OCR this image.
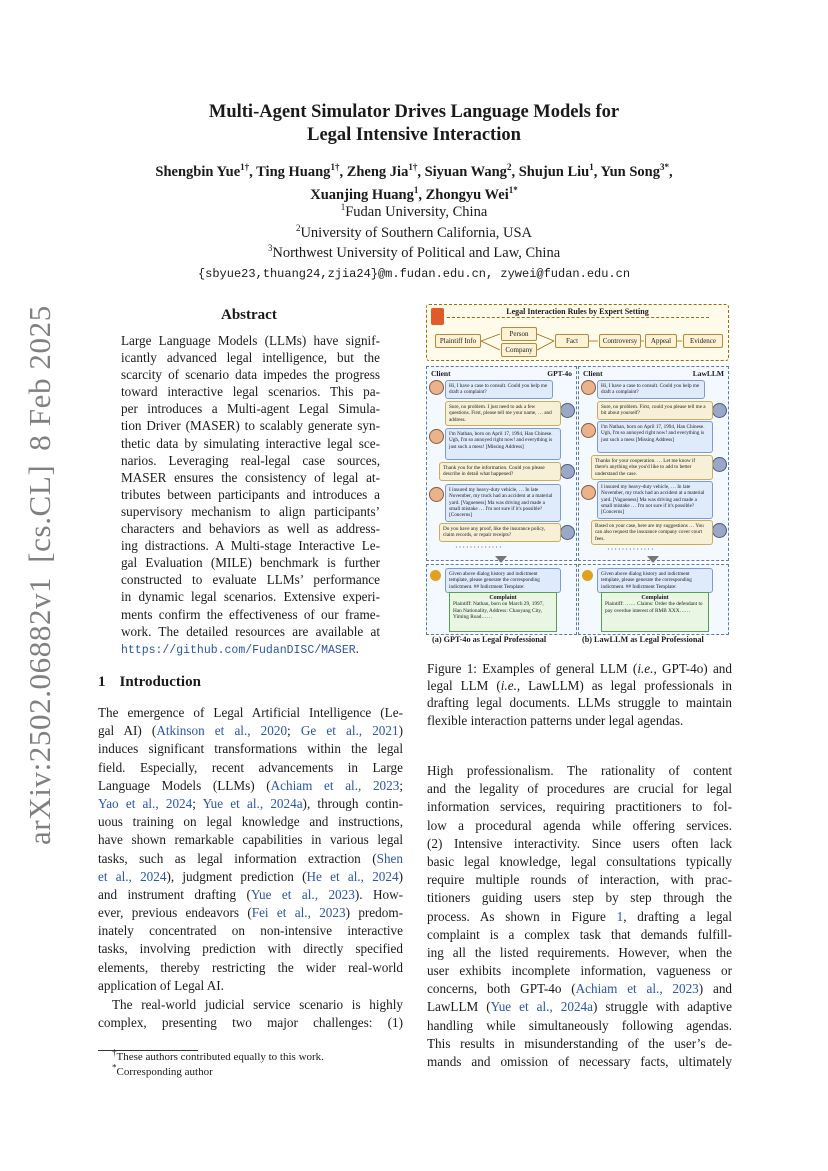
arXiv:2502.06882v1[cs.CL]8 Feb 2025
Multi-Agent Simulator Drives Language Models for
Legal Intensive Interaction
Shengbin Yue$^{1\dagger}$, Ting Huang$^{1\dagger}$, Zheng Jia$^{1\dagger}$, Siyuan Wang$^2$, Shujun Liu$^1$, Yun Song$^{3*}$,
Xuanjing Huang$^1$, Zhongyu Wei$^{1*}$
$^1$Fudan University, China
$^2$University of Southern California, USA
$^3$Northwest University of Political and Law, China
{sbyue23,thuang24,zjia24}@m.fudan.edu.cn, zywei@fudan.edu.cn
Abstract
Large Language Models (LLMs) have signif-
icantly advanced legal intelligence, but the
scarcity of scenario data impedes the progress
toward interactive legal scenarios. This pa-
per introduces a Multi-agent Legal Simula-
tion Driver (MASER) to scalably generate syn-
thetic data by simulating interactive legal sce-
narios. Leveraging real-legal case sources,
MASER ensures the consistency of legal at-
tributes between participants and introduces a
supervisory mechanism to align participants’
characters and behaviors as well as address-
ing distractions. A Multi-stage Interactive Le-
gal Evaluation (MILE) benchmark is further
constructed to evaluate LLMs’ performance
in dynamic legal scenarios. Extensive experi-
ments confirm the effectiveness of our frame-
work. The detailed resources are available at
https://github.com/FudanDISC/MASER.
1 Introduction
The emergence of Legal Artificial Intelligence (Le-
gal AI) (Atkinson et al., 2020; Ge et al., 2021)
induces significant transformations within the legal
field. Especially, recent advancements in Large
Language Models (LLMs) (Achiam et al., 2023;
Yao et al., 2024; Yue et al., 2024a), through contin-
uous training on legal knowledge and instructions,
have shown remarkable capabilities in various legal
tasks, such as legal information extraction (Shen
et al., 2024), judgment prediction (He et al., 2024)
and instrument drafting (Yue et al., 2023). How-
ever, previous endeavors (Fei et al., 2023) predom-
inately concentrated on non-intensive interactive
tasks, involving prediction with directly specified
elements, thereby restricting the wider real-world
application of Legal AI.
The real-world judicial service scenario is highly
complex, presenting two major challenges: (1)
†These authors contributed equally to this work.
*Corresponding author
Legal Interaction Rules by Expert Setting
Plaintiff Info
Person
Company
Fact	Controversy	Appeal	Evidence
Client	GPT-4o
Hi, I have a case to consult. Could you help me draft a complaint?
Sure, no problem. I just need to ask a few questions. First, please tell me your name, … and address.
I'm Nathan, born on April 17, 1994, Han Chinese. Ugh, I'm so annoyed right now! and everything is just such a mess! [Missing Address]
Thank you for the information. Could you please describe in detail what happened?
I insured my heavy-duty vehicle, … In late November, my truck had an accident at a material yard. [Vagueness] Ma was driving and made a small mistake … I'm not sure if it's possible? [Concerns]
Do you have any proof, like the insurance policy, claim records, or repair receipts?
·············
Client	LawLLM
Hi, I have a case to consult. Could you help me draft a complaint?
Sure, no problem. First, could you please tell me a bit about yourself?
I'm Nathan, born on April 17, 1994, Han Chinese. Ugh, I'm so annoyed right now! and everything is just such a mess [Missing Address]
Thanks for your cooperation. … Let me know if there's anything else you'd like to add to better understand the case.
I insured my heavy-duty vehicle, … In late November, my truck had an accident at a material yard. [Vagueness] Ma was driving and made a small mistake … I'm not sure if it's possible? [Concerns]
Based on your case, here are my suggestions … You can also request the insurance company cover court fees.
·············
Given above dialog history and indictment template, please generate the corresponding indictment. ## Indictment Template:
Complaint
Plaintiff: Nathan, born on March 29, 1997, Han Nationality, Address: Chaoyang City, Yiming Road……
Given above dialog history and indictment template, please generate the corresponding indictment. ## Indictment Template:
Complaint
Plaintiff: …… Claims: Order the defendant to pay overdue interest of RMB XXX……
(a) GPT-4o as Legal Professional	(b) LawLLM as Legal Professional
Figure 1: Examples of general LLM (i.e., GPT-4o) and
legal LLM (i.e., LawLLM) as legal professionals in
drafting legal documents. LLMs struggle to maintain
flexible interaction patterns under legal agendas.
High professionalism. The rationality of content
and the legality of procedures are crucial for legal
information services, requiring practitioners to fol-
low a procedural agenda while offering services.
(2) Intensive interactivity. Since users often lack
basic legal knowledge, legal consultations typically
require multiple rounds of interaction, with prac-
titioners guiding users step by step through the
process. As shown in Figure 1, drafting a legal
complaint is a complex task that demands fulfill-
ing all the listed requirements. However, when the
user exhibits incomplete information, vagueness or
concerns, both GPT-4o (Achiam et al., 2023) and
LawLLM (Yue et al., 2024a) struggle with adaptive
handling while simultaneously following agendas.
This results in misunderstanding of the user’s de-
mands and omission of necessary facts, ultimately
